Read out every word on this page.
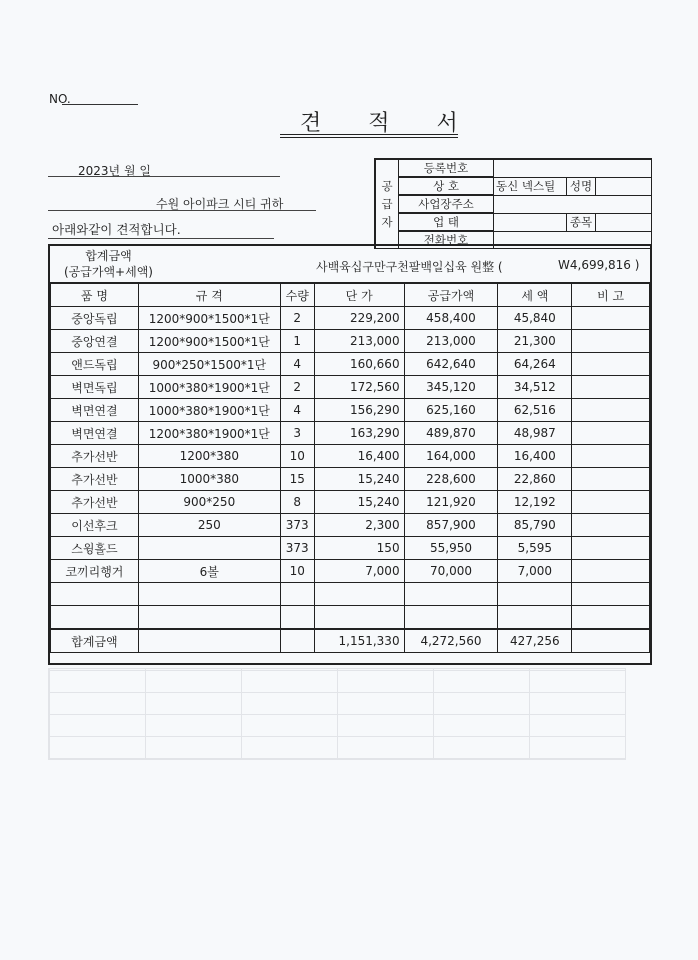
NO.
견 적 서
2023년 월 일
수원 아이파크 시티 귀하
아래와같이 견적합니다.
공
급
자	등록번호			
	상 호	동신 넥스틸	성명	
	사업장주소			
	업 태		종목	
	전화번호			
합계금액
(공급가액+세액)	사백육십구만구천팔백일십육 원整 (	W4,699,816 )
품 명	규 격	수량	단 가	공급가액	세 액	비 고
중앙독립	1200*900*1500*1단	2	229,200	458,400	45,840	
중앙연결	1200*900*1500*1단	1	213,000	213,000	21,300	
앤드독립	900*250*1500*1단	4	160,660	642,640	64,264	
벽면독립	1000*380*1900*1단	2	172,560	345,120	34,512	
벽면연결	1000*380*1900*1단	4	156,290	625,160	62,516	
벽면연결	1200*380*1900*1단	3	163,290	489,870	48,987	
추가선반	1200*380	10	16,400	164,000	16,400	
추가선반	1000*380	15	15,240	228,600	22,860	
추가선반	900*250	8	15,240	121,920	12,192	
이선후크	250	373	2,300	857,900	85,790	
스윙홀드		373	150	55,950	5,595	
코끼리행거	6볼	10	7,000	70,000	7,000	

합계금액			1,151,330	4,272,560	427,256	
